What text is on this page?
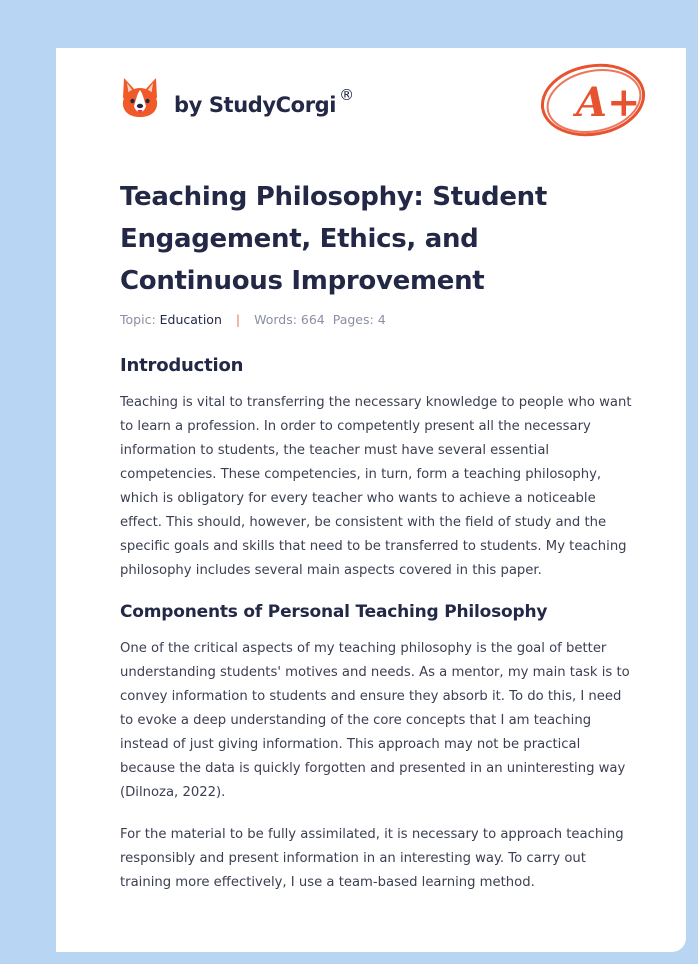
by StudyCorgi ®	A+
Teaching Philosophy: Student Engagement, Ethics, and Continuous Improvement
Topic: Education | Words: 664 Pages: 4
Introduction

Teaching is vital to transferring the necessary knowledge to people who want to learn a profession. In order to competently present all the necessary information to students, the teacher must have several essential competencies. These competencies, in turn, form a teaching philosophy, which is obligatory for every teacher who wants to achieve a noticeable effect. This should, however, be consistent with the field of study and the specific goals and skills that need to be transferred to students. My teaching philosophy includes several main aspects covered in this paper.

Components of Personal Teaching Philosophy

One of the critical aspects of my teaching philosophy is the goal of better understanding students' motives and needs. As a mentor, my main task is to convey information to students and ensure they absorb it. To do this, I need to evoke a deep understanding of the core concepts that I am teaching instead of just giving information. This approach may not be practical because the data is quickly forgotten and presented in an uninteresting way (Dilnoza, 2022).

For the material to be fully assimilated, it is necessary to approach teaching responsibly and present information in an interesting way. To carry out training more effectively, I use a team-based learning method.
